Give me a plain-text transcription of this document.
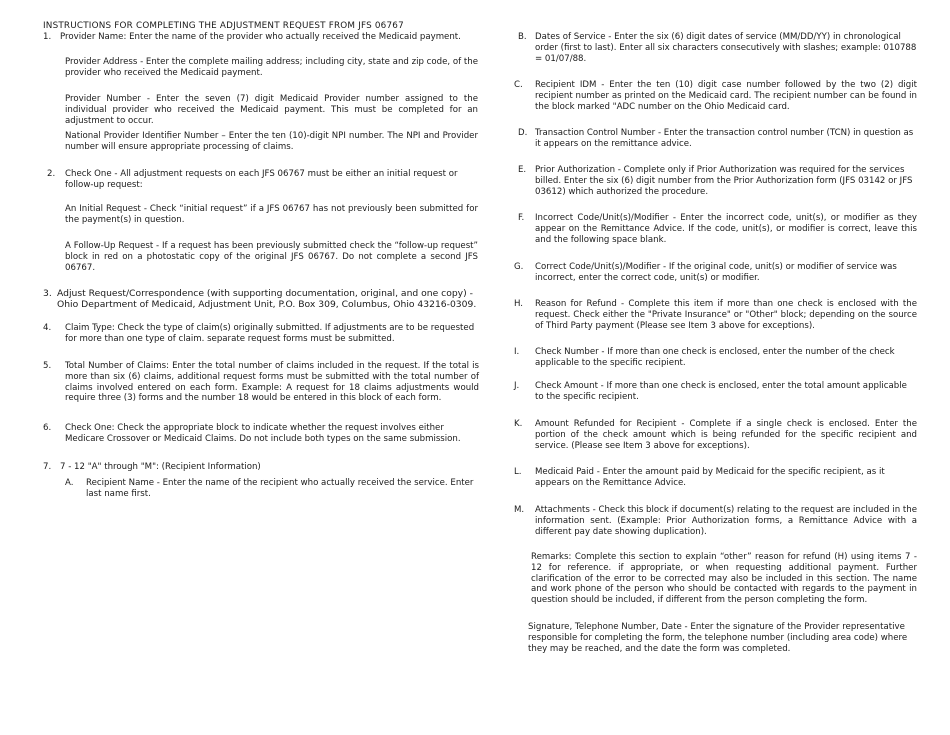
INSTRUCTIONS FOR COMPLETING THE ADJUSTMENT REQUEST FROM JFS 06767
1.	Provider Name: Enter the name of the provider who actually received the Medicaid payment.
Provider Address - Enter the complete mailing address; including city, state and zip code, of the provider who received the Medicaid payment.
Provider Number - Enter the seven (7) digit Medicaid Provider number assigned to the individual provider who received the Medicaid payment. This must be completed for an adjustment to occur.
National Provider Identifier Number – Enter the ten (10)-digit NPI number. The NPI and Provider number will ensure appropriate processing of claims.
2.	Check One - All adjustment requests on each JFS 06767 must be either an initial request or follow-up request:
An Initial Request - Check “initial request” if a JFS 06767 has not previously been submitted for the payment(s) in question.
A Follow-Up Request - If a request has been previously submitted check the “follow-up request” block in red on a photostatic copy of the original JFS 06767. Do not complete a second JFS 06767.
3. Adjust Request/Correspondence (with supporting documentation, original, and one copy) - Ohio Department of Medicaid, Adjustment Unit, P.O. Box 309, Columbus, Ohio 43216-0309.
4.	Claim Type: Check the type of claim(s) originally submitted. If adjustments are to be requested for more than one type of claim. separate request forms must be submitted.
5.	Total Number of Claims: Enter the total number of claims included in the request. If the total is more than six (6) claims, additional request forms must be submitted with the total number of claims involved entered on each form. Example: A request for 18 claims adjustments would require three (3) forms and the number 18 would be entered in this block of each form.
6.	Check One: Check the appropriate block to indicate whether the request involves either Medicare Crossover or Medicaid Claims. Do not include both types on the same submission.
7.	7 - 12 "A" through "M": (Recipient Information)
A.	Recipient Name - Enter the name of the recipient who actually received the service. Enter last name first.
B. Dates of Service - Enter the six (6) digit dates of service (MM/DD/YY) in chronological order (first to last). Enter all six characters consecutively with slashes; example: 010788 = 01/07/88.
C.	Recipient IDM - Enter the ten (10) digit case number followed by the two (2) digit recipient number as printed on the Medicaid card. The recipient number can be found in the block marked "ADC number on the Ohio Medicaid card.
D. Transaction Control Number - Enter the transaction control number (TCN) in question as it appears on the remittance advice.
E.	Prior Authorization - Complete only if Prior Authorization was required for the services billed. Enter the six (6) digit number from the Prior Authorization form (JFS 03142 or JFS 03612) which authorized the procedure.
F.	Incorrect Code/Unit(s)/Modifier - Enter the incorrect code, unit(s), or modifier as they appear on the Remittance Advice. If the code, unit(s), or modifier is correct, leave this and the following space blank.
G.	Correct Code/Unit(s)/Modifier - If the original code, unit(s) or modifier of service was incorrect, enter the correct code, unit(s) or modifier.
H.	Reason for Refund - Complete this item if more than one check is enclosed with the request. Check either the "Private Insurance" or "Other" block; depending on the source of Third Party payment (Please see Item 3 above for exceptions).
I.	Check Number - If more than one check is enclosed, enter the number of the check applicable to the specific recipient.
J.	Check Amount - If more than one check is enclosed, enter the total amount applicable to the specific recipient.
K.	Amount Refunded for Recipient - Complete if a single check is enclosed. Enter the portion of the check amount which is being refunded for the specific recipient and service. (Please see Item 3 above for exceptions).
L.	Medicaid Paid - Enter the amount paid by Medicaid for the specific recipient, as it appears on the Remittance Advice.
M.	Attachments - Check this block if document(s) relating to the request are included in the information sent. (Example: Prior Authorization forms, a Remittance Advice with a different pay date showing duplication).
Remarks: Complete this section to explain “other” reason for refund (H) using items 7 - 12 for reference. if appropriate, or when requesting additional payment. Further clarification of the error to be corrected may also be included in this section. The name and work phone of the person who should be contacted with regards to the payment in question should be included, if different from the person completing the form.
Signature, Telephone Number, Date - Enter the signature of the Provider representative responsible for completing the form, the telephone number (including area code) where they may be reached, and the date the form was completed.
